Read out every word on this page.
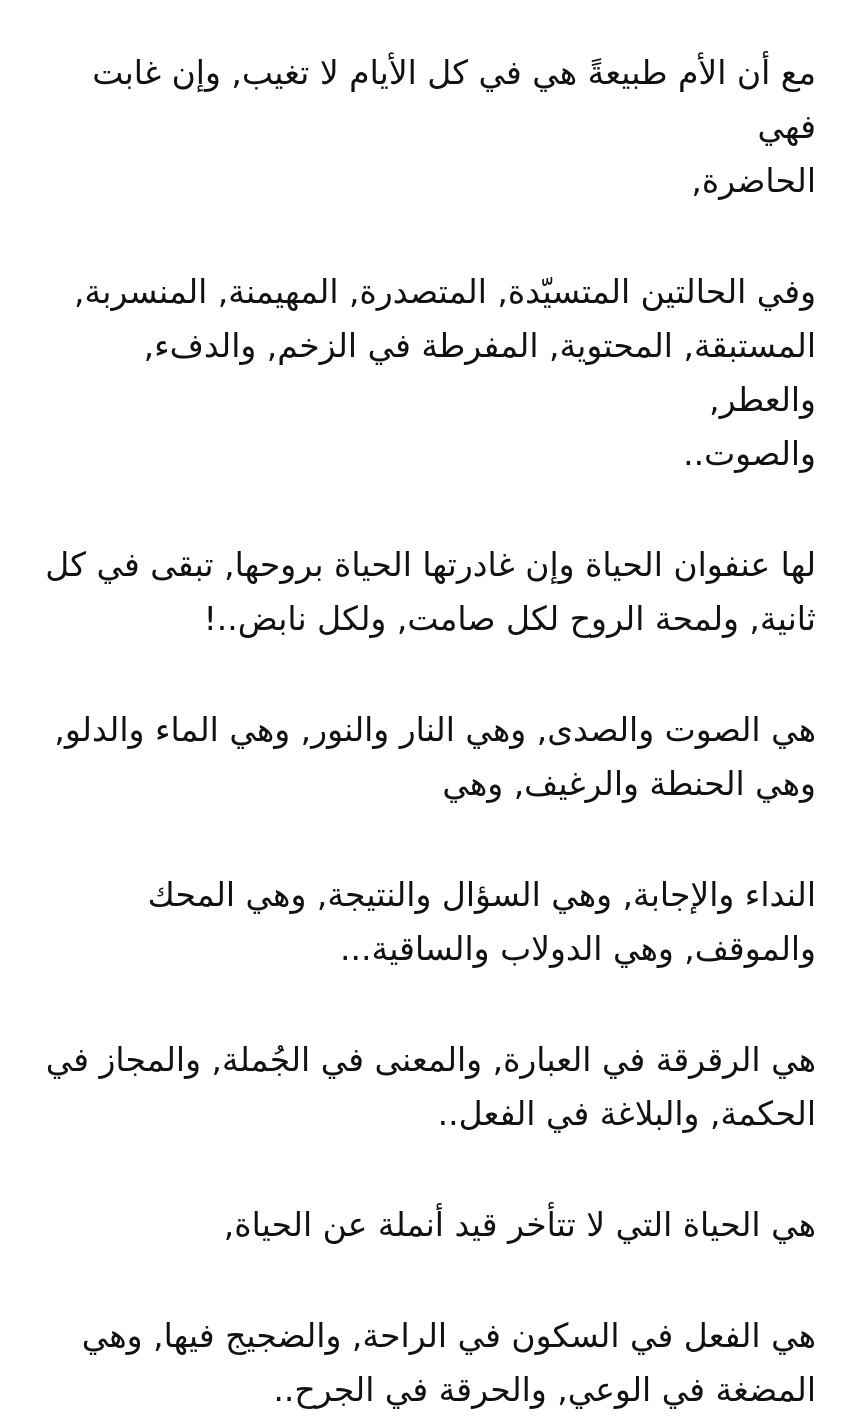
مع أن الأم طبيعةً هي في كل الأيام لا تغيب, وإن غابت فهي
الحاضرة,

وفي الحالتين المتسيّدة, المتصدرة, المهيمنة, المنسربة,
المستبقة, المحتوية, المفرطة في الزخم, والدفء, والعطر,
والصوت..

لها عنفوان الحياة وإن غادرتها الحياة بروحها, تبقى في كل
ثانية, ولمحة الروح لكل صامت, ولكل نابض..!

هي الصوت والصدى, وهي النار والنور, وهي الماء والدلو,
وهي الحنطة والرغيف, وهي

النداء والإجابة, وهي السؤال والنتيجة, وهي المحك
والموقف, وهي الدولاب والساقية...

هي الرقرقة في العبارة, والمعنى في الجُملة, والمجاز في
الحكمة, والبلاغة في الفعل..

هي الحياة التي لا تتأخر قيد أنملة عن الحياة,

هي الفعل في السكون في الراحة, والضجيج فيها, وهي
المضغة في الوعي, والحرقة في الجرح..
